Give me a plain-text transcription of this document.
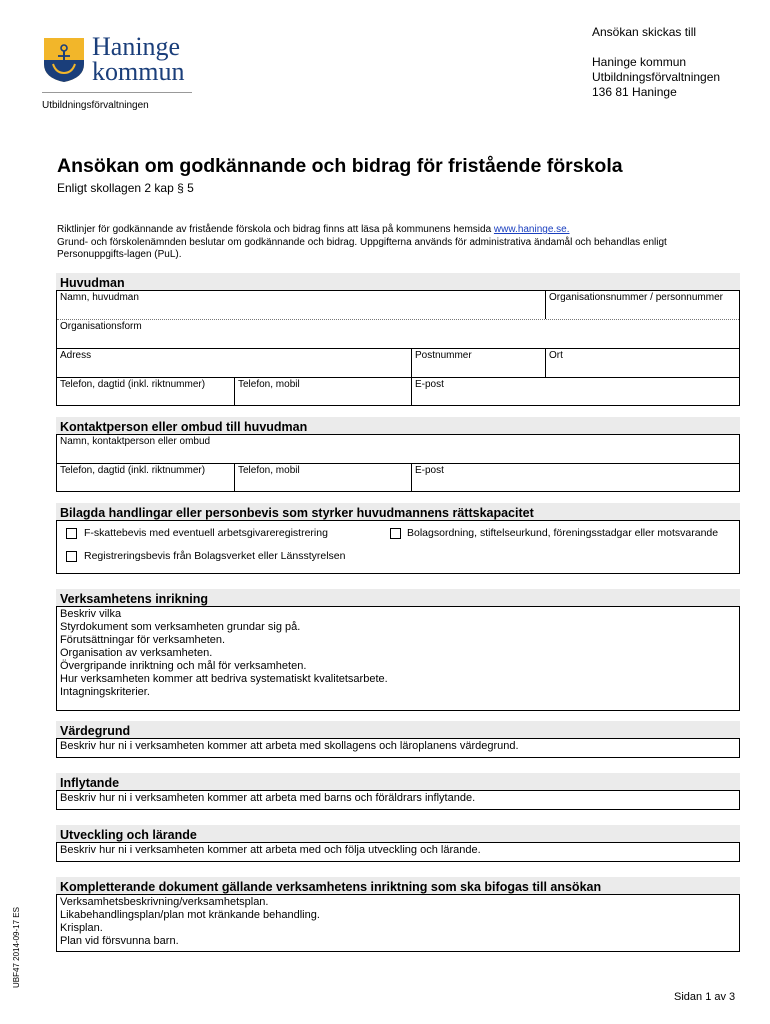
Haninge
kommun
Utbildningsförvaltningen
Ansökan skickas till
Haninge kommun
Utbildningsförvaltningen
136 81 Haninge
Ansökan om godkännande och bidrag för fristående förskola
Enligt skollagen 2 kap § 5
Riktlinjer för godkännande av fristående förskola och bidrag finns att läsa på kommunens hemsida www.haninge.se.
Grund- och förskolenämnden beslutar om godkännande och bidrag. Uppgifterna används för administrativa ändamål och behandlas enligt
Personuppgifts-lagen (PuL).
Huvudman
Namn, huvudman	Organisationsnummer / personnummer
Organisationsform
Adress	Postnummer	Ort
Telefon, dagtid (inkl. riktnummer)	Telefon, mobil	E-post
Kontaktperson eller ombud till huvudman
Namn, kontaktperson eller ombud
Telefon, dagtid (inkl. riktnummer)	Telefon, mobil	E-post
Bilagda handlingar eller personbevis som styrker huvudmannens rättskapacitet
F-skattebevis med eventuell arbetsgivareregistrering	Bolagsordning, stiftelseurkund, föreningsstadgar eller motsvarande
Registreringsbevis från Bolagsverket eller Länsstyrelsen
Verksamhetens inrikning
Beskriv vilka
Styrdokument som verksamheten grundar sig på.
Förutsättningar för verksamheten.
Organisation av verksamheten.
Övergripande inriktning och mål för verksamheten.
Hur verksamheten kommer att bedriva systematiskt kvalitetsarbete.
Intagningskriterier.
Värdegrund
Beskriv hur ni i verksamheten kommer att arbeta med skollagens och läroplanens värdegrund.
Inflytande
Beskriv hur ni i verksamheten kommer att arbeta med barns och föräldrars inflytande.
Utveckling och lärande
Beskriv hur ni i verksamheten kommer att arbeta med och följa utveckling och lärande.
Kompletterande dokument gällande verksamhetens inriktning som ska bifogas till ansökan
Verksamhetsbeskrivning/verksamhetsplan.
Likabehandlingsplan/plan mot kränkande behandling.
Krisplan.
Plan vid försvunna barn.
UBF47 2014-09-17 ES
Sidan 1 av 3
